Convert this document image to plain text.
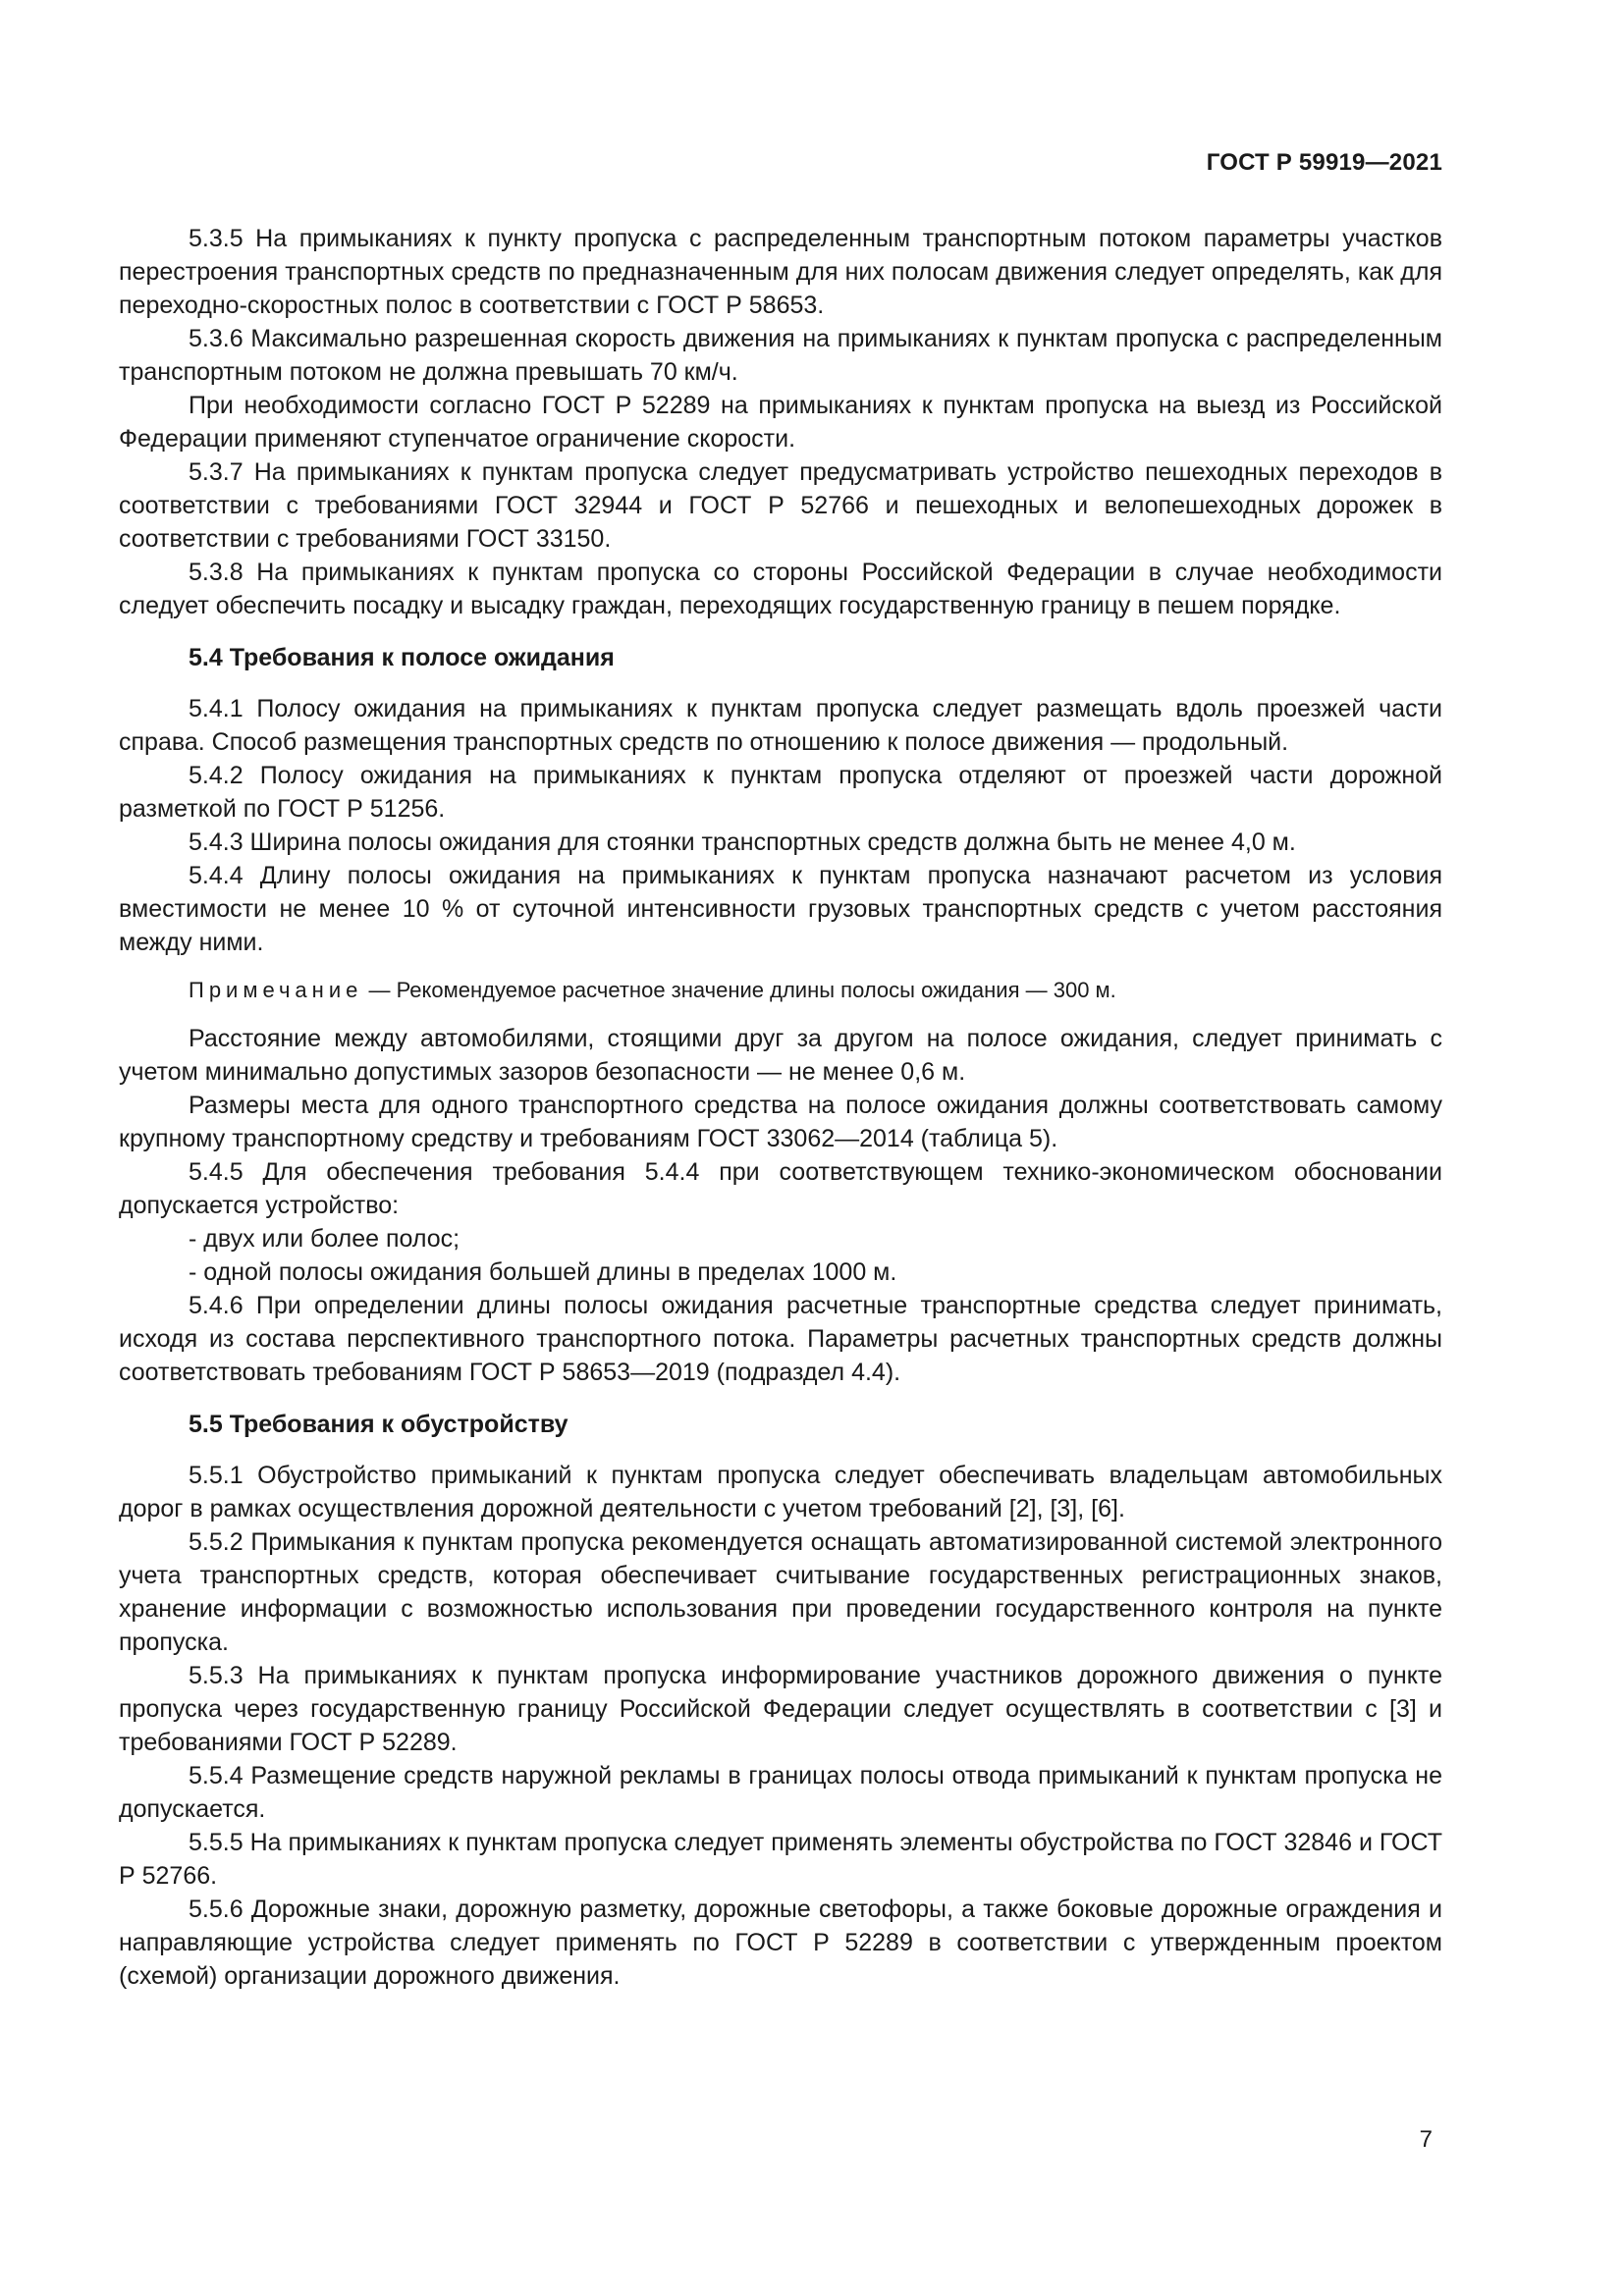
ГОСТ Р 59919—2021

5.3.5 На примыканиях к пункту пропуска с распределенным транспортным потоком параметры участков перестроения транспортных средств по предназначенным для них полосам движения следует определять, как для переходно-скоростных полос в соответствии с ГОСТ Р 58653.

5.3.6 Максимально разрешенная скорость движения на примыканиях к пунктам пропуска с распределенным транспортным потоком не должна превышать 70 км/ч.

При необходимости согласно ГОСТ Р 52289 на примыканиях к пунктам пропуска на выезд из Российской Федерации применяют ступенчатое ограничение скорости.

5.3.7 На примыканиях к пунктам пропуска следует предусматривать устройство пешеходных переходов в соответствии с требованиями ГОСТ 32944 и ГОСТ Р 52766 и пешеходных и велопешеходных дорожек в соответствии с требованиями ГОСТ 33150.

5.3.8 На примыканиях к пунктам пропуска со стороны Российской Федерации в случае необходимости следует обеспечить посадку и высадку граждан, переходящих государственную границу в пешем порядке.

5.4 Требования к полосе ожидания

5.4.1 Полосу ожидания на примыканиях к пунктам пропуска следует размещать вдоль проезжей части справа. Способ размещения транспортных средств по отношению к полосе движения — продольный.

5.4.2 Полосу ожидания на примыканиях к пунктам пропуска отделяют от проезжей части дорожной разметкой по ГОСТ Р 51256.

5.4.3 Ширина полосы ожидания для стоянки транспортных средств должна быть не менее 4,0 м.

5.4.4 Длину полосы ожидания на примыканиях к пунктам пропуска назначают расчетом из условия вместимости не менее 10 % от суточной интенсивности грузовых транспортных средств с учетом расстояния между ними.

Примечание — Рекомендуемое расчетное значение длины полосы ожидания — 300 м.

Расстояние между автомобилями, стоящими друг за другом на полосе ожидания, следует принимать с учетом минимально допустимых зазоров безопасности — не менее 0,6 м.

Размеры места для одного транспортного средства на полосе ожидания должны соответствовать самому крупному транспортному средству и требованиям ГОСТ 33062—2014 (таблица 5).

5.4.5 Для обеспечения требования 5.4.4 при соответствующем технико-экономическом обосновании допускается устройство:

- двух или более полос;

- одной полосы ожидания большей длины в пределах 1000 м.

5.4.6 При определении длины полосы ожидания расчетные транспортные средства следует принимать, исходя из состава перспективного транспортного потока. Параметры расчетных транспортных средств должны соответствовать требованиям ГОСТ Р 58653—2019 (подраздел 4.4).

5.5 Требования к обустройству

5.5.1 Обустройство примыканий к пунктам пропуска следует обеспечивать владельцам автомобильных дорог в рамках осуществления дорожной деятельности с учетом требований [2], [3], [6].

5.5.2 Примыкания к пунктам пропуска рекомендуется оснащать автоматизированной системой электронного учета транспортных средств, которая обеспечивает считывание государственных регистрационных знаков, хранение информации с возможностью использования при проведении государственного контроля на пункте пропуска.

5.5.3 На примыканиях к пунктам пропуска информирование участников дорожного движения о пункте пропуска через государственную границу Российской Федерации следует осуществлять в соответствии с [3] и требованиями ГОСТ Р 52289.

5.5.4 Размещение средств наружной рекламы в границах полосы отвода примыканий к пунктам пропуска не допускается.

5.5.5 На примыканиях к пунктам пропуска следует применять элементы обустройства по ГОСТ 32846 и ГОСТ Р 52766.

5.5.6 Дорожные знаки, дорожную разметку, дорожные светофоры, а также боковые дорожные ограждения и направляющие устройства следует применять по ГОСТ Р 52289 в соответствии с утвержденным проектом (схемой) организации дорожного движения.

7
